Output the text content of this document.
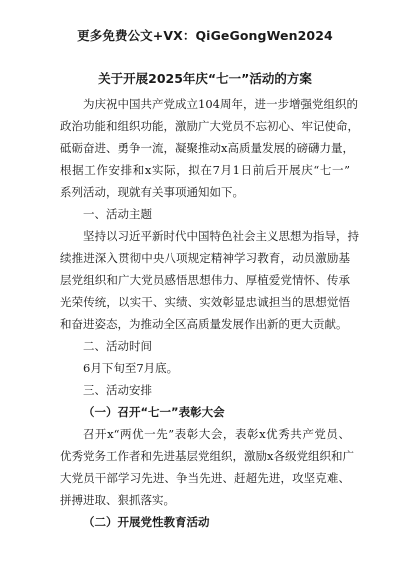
更多免费公文+VX：QiGeGongWen2024
关于开展2025年庆“七一”活动的方案
为庆祝中国共产党成立104周年，进一步增强党组织的
政治功能和组织功能，激励广大党员不忘初心、牢记使命，
砥砺奋进、勇争一流，凝聚推动x高质量发展的磅礴力量，
根据工作安排和x实际，拟在7月1日前后开展庆“七一”
系列活动，现就有关事项通知如下。
一、活动主题
坚持以习近平新时代中国特色社会主义思想为指导，持
续推进深入贯彻中央八项规定精神学习教育，动员激励基
层党组织和广大党员感悟思想伟力、厚植爱党情怀、传承
光荣传统，以实干、实绩、实效彰显忠诚担当的思想觉悟
和奋进姿态，为推动全区高质量发展作出新的更大贡献。
二、活动时间
6月下旬至7月底。
三、活动安排
（一）召开“七一”表彰大会
召开x“两优一先”表彰大会，表彰x优秀共产党员、
优秀党务工作者和先进基层党组织，激励x各级党组织和广
大党员干部学习先进、争当先进、赶超先进，攻坚克难、
拼搏进取、狠抓落实。
（二）开展党性教育活动
